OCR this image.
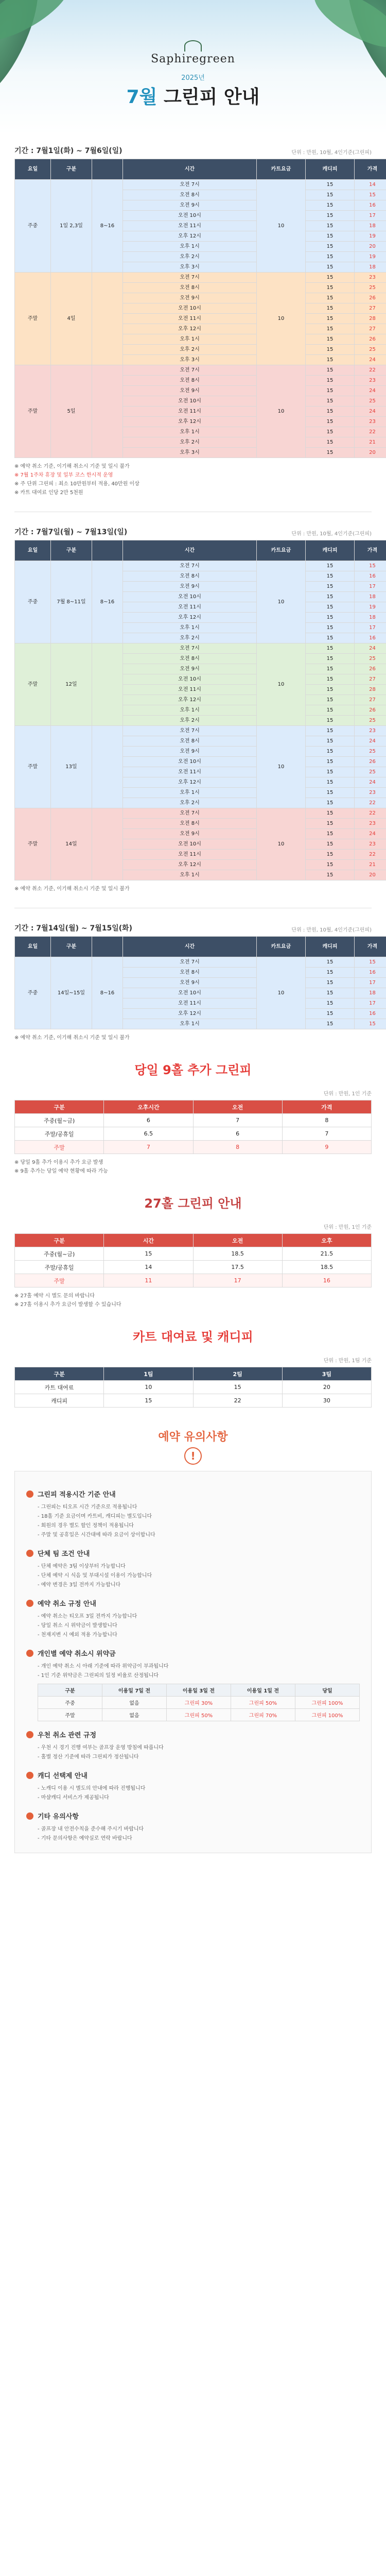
Saphiregreen
2025년
7월 그린피 안내
기간 : 7월1일(화) ~ 7월6일(일)	단위 : 만원, 10월, 4인기준(그린피)
요일	구분		시간	카트요금	캐디피	가격
주중	1일 2,3일	8~16	오전 7시	10	15	14
			오전 8시		15	15
			오전 9시		15	16
			오전 10시		15	17
			오전 11시		15	18
			오후 12시		15	19
			오후 1시		15	20
			오후 2시		15	19
			오후 3시		15	18
주말	4일		오전 7시	10	15	23
			오전 8시		15	25
			오전 9시		15	26
			오전 10시		15	27
			오전 11시		15	28
			오후 12시		15	27
			오후 1시		15	26
			오후 2시		15	25
			오후 3시		15	24
주말	5일		오전 7시	10	15	22
			오전 8시		15	23
			오전 9시		15	24
			오전 10시		15	25
			오전 11시		15	24
			오후 12시		15	23
			오후 1시		15	22
			오후 2시		15	21
			오후 3시		15	20
※ 예약 취소 기준, 이기해 취소시 기준 및 일시 불가
※ 7월 1주차 휴장 및 일부 코스 한시적 운영
※ 주 단위 그린피 : 최소 10만원부터 적용, 40만원 이상
※ 카트 대여료 인당 2만 5천원
기간 : 7월7일(월) ~ 7월13일(일)	단위 : 만원, 10월, 4인기준(그린피)
요일	구분		시간	카트요금	캐디피	가격
주중	7월 8~11일	8~16	오전 7시	10	15	15
			오전 8시		15	16
			오전 9시		15	17
			오전 10시		15	18
			오전 11시		15	19
			오후 12시		15	18
			오후 1시		15	17
			오후 2시		15	16
주말	12일		오전 7시	10	15	24
			오전 8시		15	25
			오전 9시		15	26
			오전 10시		15	27
			오전 11시		15	28
			오후 12시		15	27
			오후 1시		15	26
			오후 2시		15	25
주말	13일		오전 7시	10	15	23
			오전 8시		15	24
			오전 9시		15	25
			오전 10시		15	26
			오전 11시		15	25
			오후 12시		15	24
			오후 1시		15	23
			오후 2시		15	22
주말	14일		오전 7시	10	15	22
			오전 8시		15	23
			오전 9시		15	24
			오전 10시		15	23
			오전 11시		15	22
			오후 12시		15	21
			오후 1시		15	20
※ 예약 취소 기준, 이기해 취소시 기준 및 일시 불가
기간 : 7월14일(월) ~ 7월15일(화)	단위 : 만원, 10월, 4인기준(그린피)
요일	구분		시간	카트요금	캐디피	가격
주중	14일~15일	8~16	오전 7시	10	15	15
			오전 8시		15	16
			오전 9시		15	17
			오전 10시		15	18
			오전 11시		15	17
			오후 12시		15	16
			오후 1시		15	15
※ 예약 취소 기준, 이기해 취소시 기준 및 일시 불가
당일 9홀 추가 그린피
단위 : 만원, 1인 기준
구분	오후시간	오전	가격
주중(월~금)	6	7	8
주말/공휴일	6.5	6	7
주말	7	8	9
※ 당일 9홀 추가 이용시 추가 요금 발생
※ 9홀 추가는 당일 예약 현황에 따라 가능
27홀 그린피 안내
단위 : 만원, 1인 기준
구분	시간	오전	오후
주중(월~금)	15	18.5	21.5
주말/공휴일	14	17.5	18.5
주말	11	17	16
※ 27홀 예약 시 별도 문의 바랍니다
※ 27홀 이용시 추가 요금이 발생할 수 있습니다
카트 대여료 및 캐디피
단위 : 만원, 1팀 기준
구분	1팀	2팀	3팀
카트 대여료	10	15	20
캐디피	15	22	30
예약 유의사항
!
그린피 적용시간 기준 안내
- 그린피는 티오프 시간 기준으로 적용됩니다
- 18홀 기준 요금이며 카트비, 캐디피는 별도입니다
- 회원의 경우 별도 할인 정책이 적용됩니다
- 주말 및 공휴일은 시간대에 따라 요금이 상이합니다
단체 팀 조건 안내
- 단체 예약은 3팀 이상부터 가능합니다
- 단체 예약 시 식음 및 부대시설 이용이 가능합니다
- 예약 변경은 3일 전까지 가능합니다
예약 취소 규정 안내
- 예약 취소는 티오프 3일 전까지 가능합니다
- 당일 취소 시 위약금이 발생합니다
- 천재지변 시 예외 적용 가능합니다
개인별 예약 취소시 위약금
- 개인 예약 취소 시 아래 기준에 따라 위약금이 부과됩니다
- 1인 기준 위약금은 그린피의 일정 비율로 산정됩니다
구분	이용일 7일 전	이용일 3일 전	이용일 1일 전	당일
주중	없음	그린피 30%	그린피 50%	그린피 100%
주말	없음	그린피 50%	그린피 70%	그린피 100%
우천 취소 관련 규정
- 우천 시 경기 진행 여부는 골프장 운영 방침에 따릅니다
- 홀별 정산 기준에 따라 그린피가 정산됩니다
캐디 선택제 안내
- 노캐디 이용 시 별도의 안내에 따라 진행됩니다
- 마샬캐디 서비스가 제공됩니다
기타 유의사항
- 골프장 내 안전수칙을 준수해 주시기 바랍니다
- 기타 문의사항은 예약실로 연락 바랍니다
